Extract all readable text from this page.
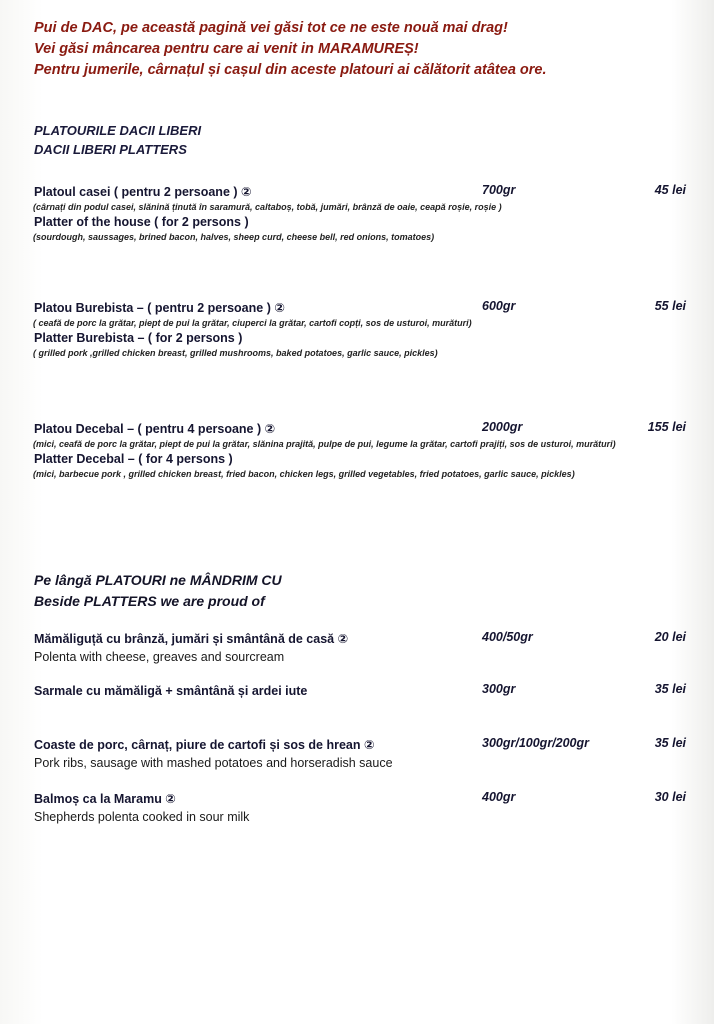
Pui de DAC, pe această pagină vei găsi tot ce ne este nouă mai drag!
Vei găsi mâncarea pentru care ai venit in MARAMUREȘ!
Pentru jumerile, cârnațul și cașul din aceste platouri ai călătorit atâtea ore.
PLATOURILE DACII LIBERI
DACII LIBERI PLATTERS
Platoul casei ( pentru 2 persoane ) ②	700gr	45 lei
(cârnați din podul casei, slănină ținută în saramură, caltaboș, tobă, jumări, brânză de oaie, ceapă roșie, roșie )
Platter of the house ( for 2 persons )
(sourdough, saussages, brined bacon, halves, sheep curd, cheese bell, red onions, tomatoes)
Platou Burebista – ( pentru 2 persoane ) ②	600gr	55 lei
( ceafă de porc la grătar, piept de pui la grătar, ciuperci la grătar, cartofi copți, sos de usturoi, murături)
Platter Burebista – ( for 2 persons )
( grilled pork ,grilled chicken breast, grilled mushrooms, baked potatoes, garlic sauce, pickles)
Platou Decebal – ( pentru 4 persoane ) ②	2000gr	155 lei
(mici, ceafă de porc la grătar, piept de pui la grătar, slănina prajită, pulpe de pui, legume la grătar, cartofi prajiți, sos de usturoi, murături)
Platter Decebal – ( for 4 persons )
(mici, barbecue pork , grilled chicken breast, fried bacon, chicken legs, grilled vegetables, fried potatoes, garlic sauce, pickles)
Pe lângă PLATOURI ne MÂNDRIM CU
Beside PLATTERS we are proud of
Mămăliguță cu brânză, jumări și smântână de casă ②	400/50gr	20 lei
Polenta with cheese, greaves and sourcream
Sarmale cu mămăligă + smântână și ardei iute	300gr	35 lei
Coaste de porc, cârnaț, piure de cartofi și sos de hrean ②	300gr/100gr/200gr	35 lei
Pork ribs, sausage with mashed potatoes and horseradish sauce
Balmoș ca la Maramu ②	400gr	30 lei
Shepherds polenta cooked in sour milk
